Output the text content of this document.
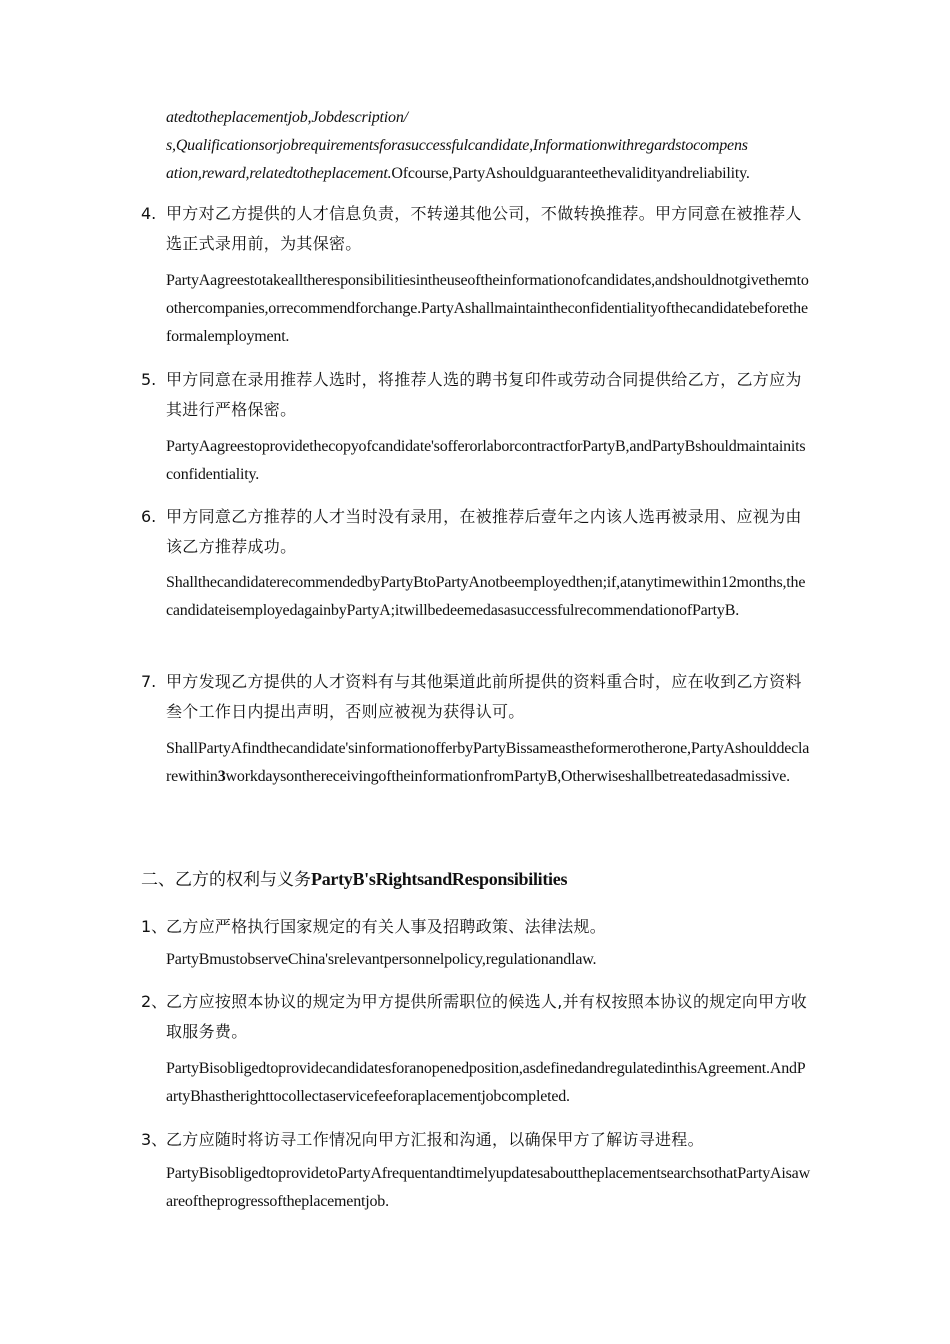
atedtotheplacementjob,Jobdescription/
s,Qualificationsorjobrequirementsforasuccessfulcandidate,Informationwithregardstocompens
ation,reward,relatedtotheplacement.Ofcourse,PartyAshouldguaranteethevalidityandreliability.
4. 甲方对乙方提供的人才信息负责，不转递其他公司，不做转换推荐。甲方同意在被推荐人选正式录用前，为其保密。
PartyAagreestotakealltheresponsibilitiesintheuseoftheinformationofcandidates,andshouldnotgivethemtoothercompanies,orrecommendforchange.PartyAshallmaintaintheconfidentialityofthecandidatebeforetheformalemployment.
5. 甲方同意在录用推荐人选时，将推荐人选的聘书复印件或劳动合同提供给乙方，乙方应为其进行严格保密。
PartyAagreestoprovidethecopyofcandidate'sofferorlaborcontractforPartyB,andPartyBshouldmaintainitsconfidentiality.
6. 甲方同意乙方推荐的人才当时没有录用，在被推荐后壹年之内该人选再被录用、应视为由该乙方推荐成功。
ShallthecandidaterecommendedbyPartyBtoPartyAnotbeemployedthen;if,atanytimewithin12months,thecandidateisemployedagainbyPartyA;itwillbedeemedasasuccessfulrecommendationofPartyB.
7. 甲方发现乙方提供的人才资料有与其他渠道此前所提供的资料重合时，应在收到乙方资料叁个工作日内提出声明，否则应被视为获得认可。
ShallPartyAfindthecandidate'sinformationofferbyPartyBissameastheformerotherone,PartyAshoulddeclarewithin3workdaysonthereceivingoftheinformationfromPartyB,Otherwiseshallbetreatedasadmissive.
二、乙方的权利与义务PartyB'sRightsandResponsibilities
1、
乙方应严格执行国家规定的有关人事及招聘政策、法律法规。
PartyBmustobserveChina'srelevantpersonnelpolicy,regulationandlaw.
2、
乙方应按照本协议的规定为甲方提供所需职位的候选人,并有权按照本协议的规定向甲方收取服务费。
PartyBisobligedtoprovidecandidatesforanopenedposition,asdefinedandregulatedinthisAgreement.AndPartyBhastherighttocollectaservicefeeforaplacementjobcompleted.
3、
乙方应随时将访寻工作情况向甲方汇报和沟通，以确保甲方了解访寻进程。
PartyBisobligedtoprovidetoPartyAfrequentandtimelyupdatesabouttheplacementsearchsothatPartyAisawareoftheprogressoftheplacementjob.
